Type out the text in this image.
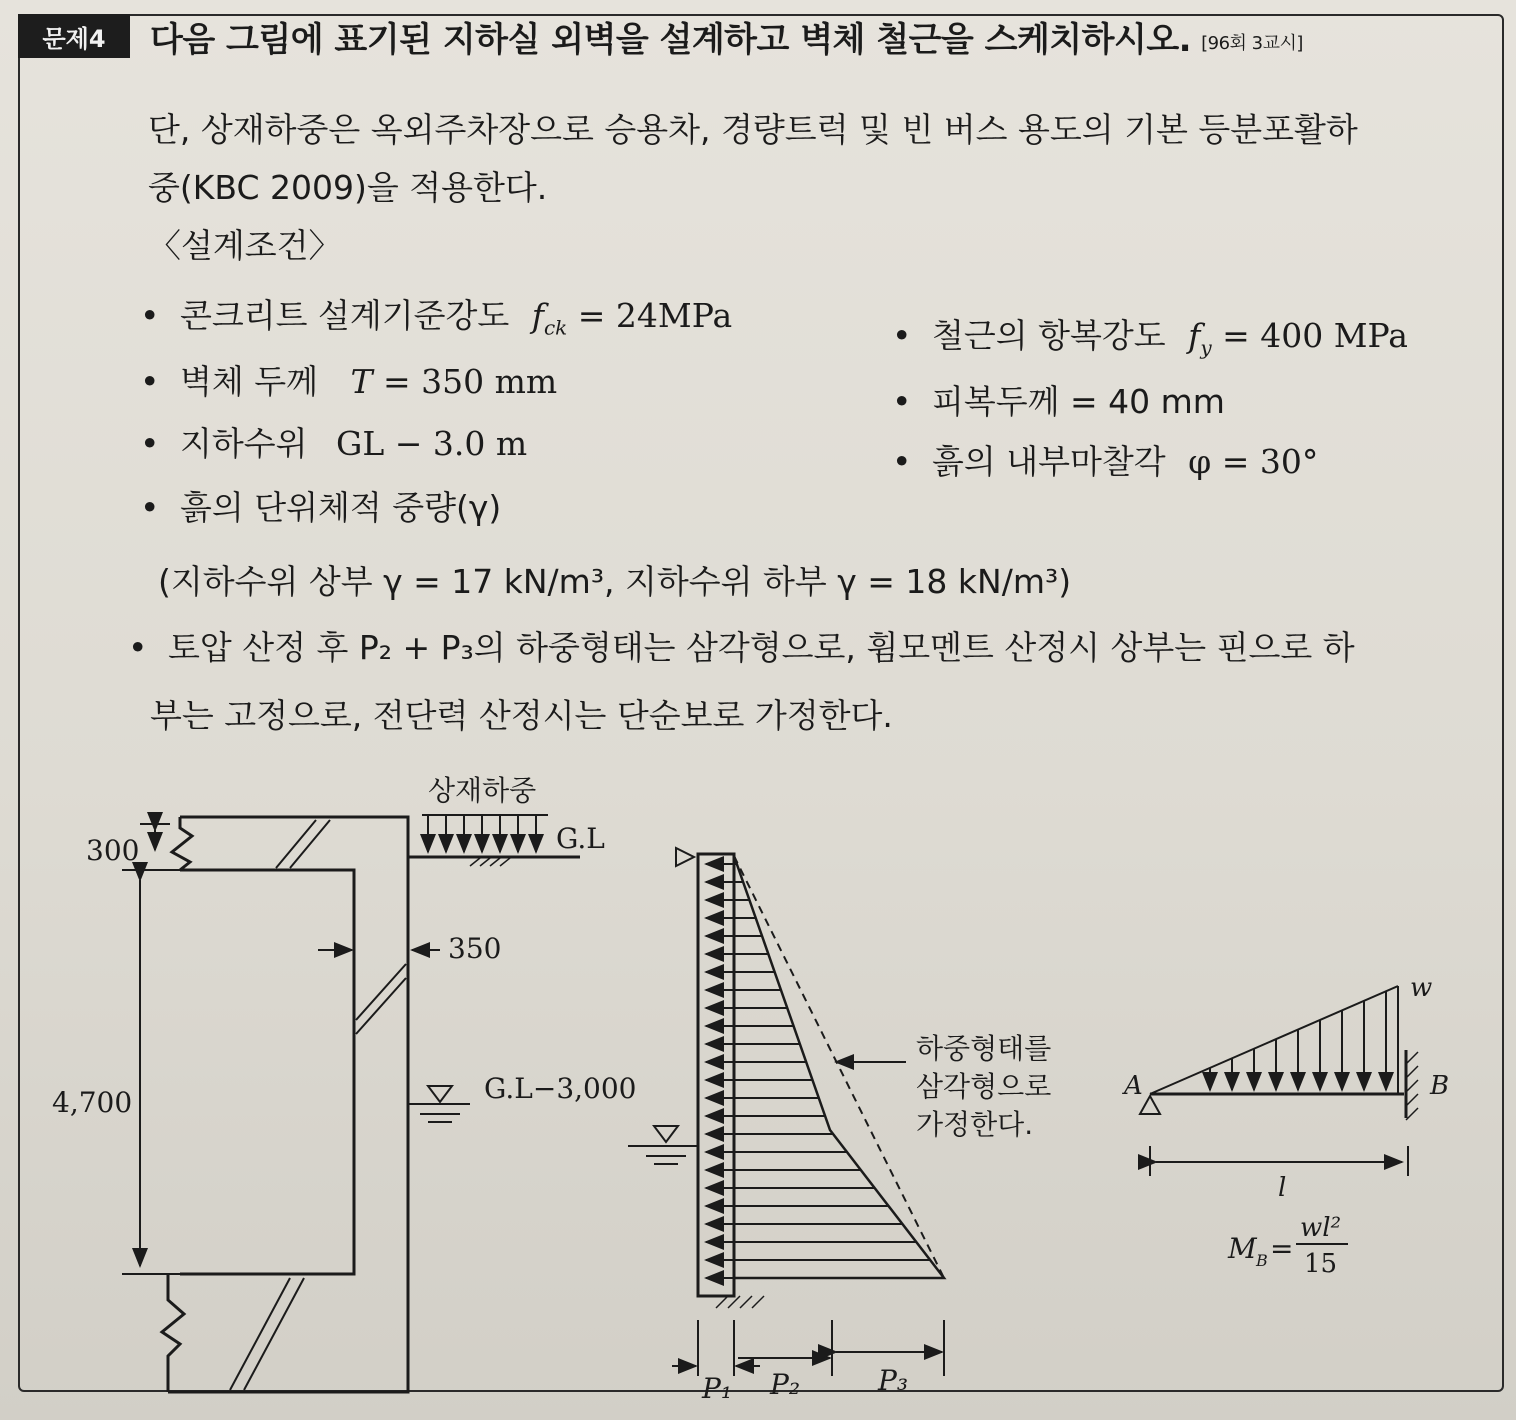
문제4	다음 그림에 표기된 지하실 외벽을 설계하고 벽체 철근을 스케치하시오. [96회 3교시]
단, 상재하중은 옥외주차장으로 승용차, 경량트럭 및 빈 버스 용도의 기본 등분포활하
중(KBC 2009)을 적용한다.
〈설계조건〉
• 콘크리트 설계기준강도 $f_{ck} = 24MPa$
• 벽체 두께 T = 350 mm
• 지하수위 GL − 3.0 m
• 흙의 단위체적 중량(γ)
(지하수위 상부 γ = 17 kN/m³, 지하수위 하부 γ = 18 kN/m³)
• 철근의 항복강도 $f_y = 400$ MPa
• 피복두께 = 40 mm
• 흙의 내부마찰각 φ = 30°
• 토압 산정 후 P₂ + P₃의 하중형태는 삼각형으로, 휨모멘트 산정시 상부는 핀으로 하
부는 고정으로, 전단력 산정시는 단순보로 가정한다.
상재하중
G.L
300
4,700
350
G.L−3,000
하중형태를
삼각형으로
가정한다.
P₁ P₂	P₃
w
A	B
l
M B =
wl²
15
